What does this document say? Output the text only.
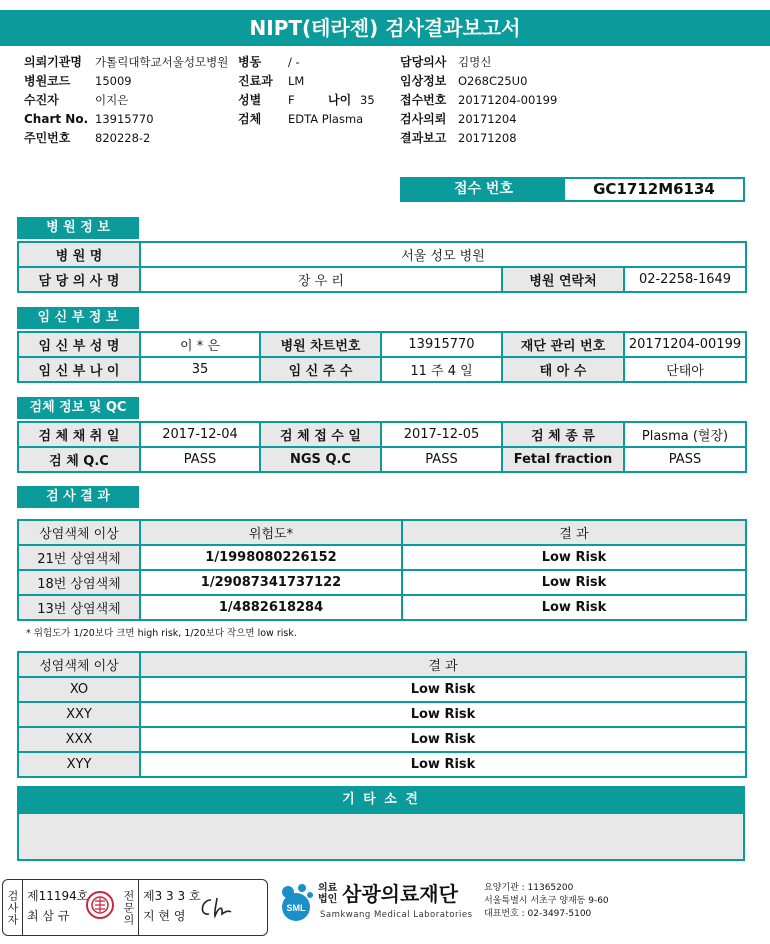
NIPT(테라젠) 검사결과보고서
의뢰기관명 가톨릭대학교서울성모병원
병원코드 15009
수진자	이지은
Chart No. 13915770
주민번호 820228-2
병동 / -
진료과 LM
성별 F	나이 35
검체 EDTA Plasma
담당의사 김명신
임상정보 O268C25U0
접수번호 20171204-00199
검사의뢰 20171204
결과보고 20171208
접수 번호	GC1712M6134
병 원 정 보
병 원 명	서울 성모 병원		
담 당 의 사 명	장 우 리	병원 연락처	02-2258-1649
임 신 부 정 보
임 신 부 성 명	이 * 은	병원 차트번호	13915770	재단 관리 번호	20171204-00199
임 신 부 나 이	35	임 신 주 수	11 주 4 일	태 아 수	단태아
검체 정보 및 QC
검 체 채 취 일	2017-12-04	검 체 접 수 일	2017-12-05	검 체 종 류	Plasma (혈장)
검 체 Q.C	PASS	NGS Q.C	PASS	Fetal fraction	PASS
검 사 결 과
상염색체 이상	위험도*	결 과
21번 상염색체	1/1998080226152	Low Risk
18번 상염색체	1/29087341737122	Low Risk
13번 상염색체	1/4882618284	Low Risk
* 위험도가 1/20보다 크면 high risk, 1/20보다 작으면 low risk.
성염색체 이상	결 과
XO	Low Risk
XXY	Low Risk
XXX	Low Risk
XYY	Low Risk
기 타 소 견
검사자 제11194호
최 삼 규	전문의 제3 3 3 호
지 현 영
SML
의료법인 삼광의료재단
Samkwang Medical Laboratories
요양기관 : 11365200
서울특별시 서초구 양재동 9-60
대표번호 : 02-3497-5100
